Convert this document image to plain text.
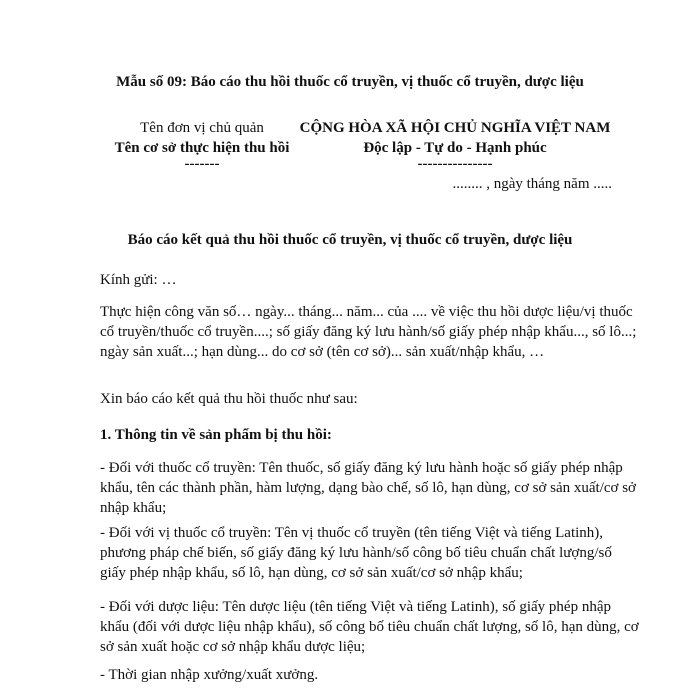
Mẫu số 09: Báo cáo thu hồi thuốc cổ truyền, vị thuốc cổ truyền, dược liệu
Tên đơn vị chủ quản
Tên cơ sở thực hiện thu hồi
-------
CỘNG HÒA XÃ HỘI CHỦ NGHĨA VIỆT NAM
Độc lập - Tự do - Hạnh phúc
---------------
........ , ngày tháng năm .....
Báo cáo kết quả thu hồi thuốc cổ truyền, vị thuốc cổ truyền, dược liệu
Kính gửi: …
Thực hiện công văn số… ngày... tháng... năm... của .... về việc thu hồi dược liệu/vị thuốc cổ truyền/thuốc cổ truyền....; số giấy đăng ký lưu hành/số giấy phép nhập khẩu..., số lô...; ngày sản xuất...; hạn dùng... do cơ sở (tên cơ sở)... sản xuất/nhập khẩu, …
Xin báo cáo kết quả thu hồi thuốc như sau:
1. Thông tin về sản phẩm bị thu hồi:
- Đối với thuốc cổ truyền: Tên thuốc, số giấy đăng ký lưu hành hoặc số giấy phép nhập khẩu, tên các thành phần, hàm lượng, dạng bào chế, số lô, hạn dùng, cơ sở sản xuất/cơ sở nhập khẩu;
- Đối với vị thuốc cổ truyền: Tên vị thuốc cổ truyền (tên tiếng Việt và tiếng Latinh), phương pháp chế biến, số giấy đăng ký lưu hành/số công bố tiêu chuẩn chất lượng/số giấy phép nhập khẩu, số lô, hạn dùng, cơ sở sản xuất/cơ sở nhập khẩu;
- Đối với dược liệu: Tên dược liệu (tên tiếng Việt và tiếng Latinh), số giấy phép nhập khẩu (đối với dược liệu nhập khẩu), số công bố tiêu chuẩn chất lượng, số lô, hạn dùng, cơ sở sản xuất hoặc cơ sở nhập khẩu dược liệu;
- Thời gian nhập xưởng/xuất xưởng.
